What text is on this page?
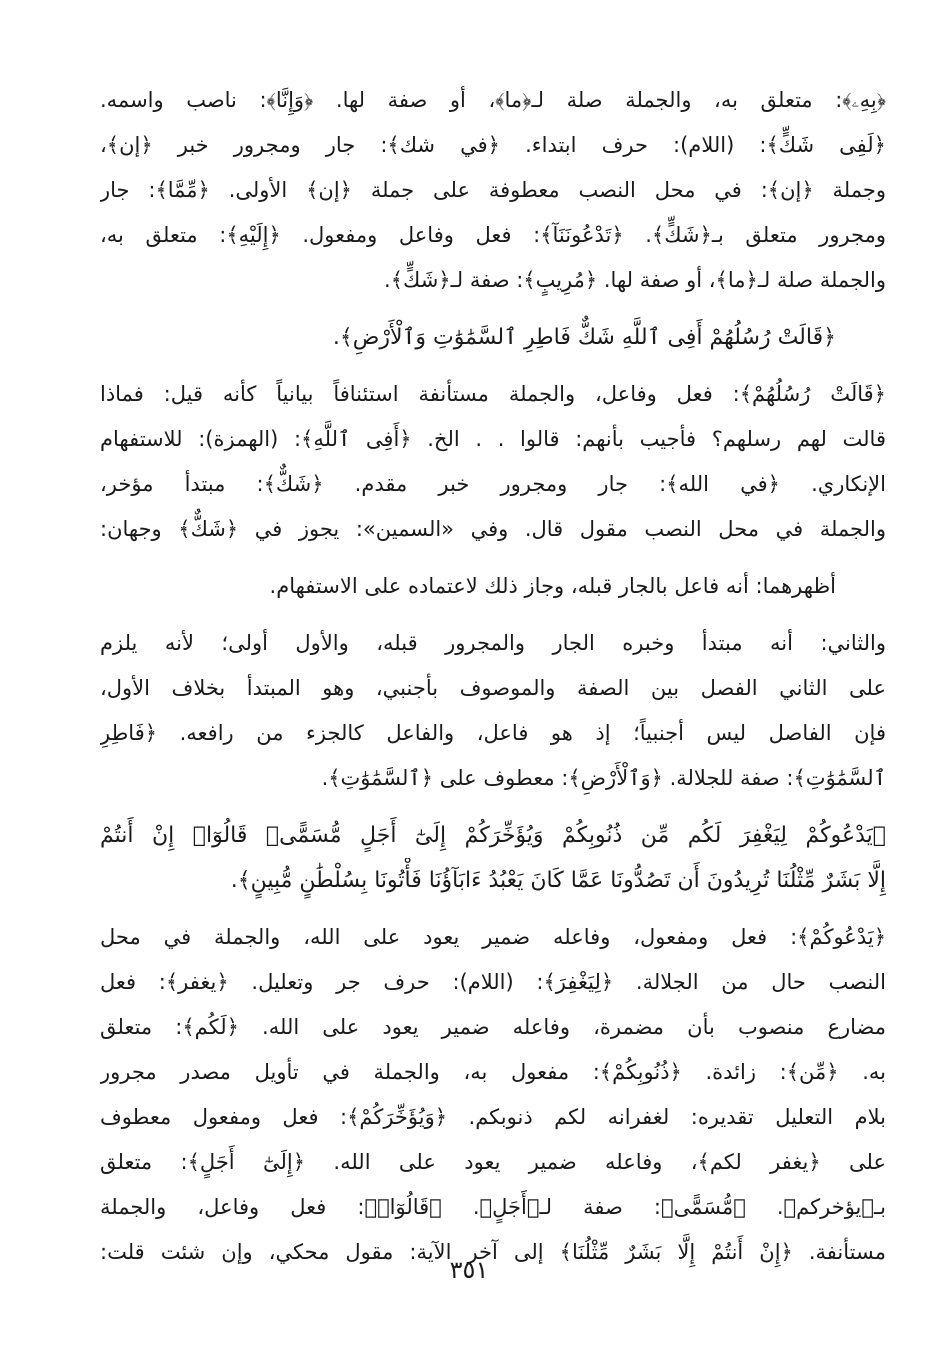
﴿بِهِۦ﴾: متعلق به، والجملة صلة لـ﴿ما﴾، أو صفة لها. ﴿وَإِنَّا﴾: ناصب واسمه.
﴿لَفِى شَكٍّ﴾: (اللام): حرف ابتداء. ﴿في شك﴾: جار ومجرور خبر ﴿إن﴾،
وجملة ﴿إن﴾: في محل النصب معطوفة على جملة ﴿إن﴾ الأولى. ﴿مِّمَّا﴾: جار
ومجرور متعلق بـ﴿شَكٍّ﴾. ﴿تَدْعُونَنَآ﴾: فعل وفاعل ومفعول. ﴿إِلَيْهِ﴾: متعلق به،
والجملة صلة لـ﴿ما﴾، أو صفة لها. ﴿مُرِيبٍ﴾: صفة لـ﴿شَكٍّ﴾.
﴿قَالَتْ رُسُلُهُمْ أَفِى ٱللَّهِ شَكٌّ فَاطِرِ ٱلسَّمَٰوَٰتِ وَٱلْأَرْضِ﴾.
﴿قَالَتْ رُسُلُهُمْ﴾: فعل وفاعل، والجملة مستأنفة استئنافاً بيانياً كأنه قيل: فماذا
قالت لهم رسلهم؟ فأجيب بأنهم: قالوا . . الخ. ﴿أَفِى ٱللَّهِ﴾: (الهمزة): للاستفهام
الإنكاري. ﴿في الله﴾: جار ومجرور خبر مقدم. ﴿شَكٌّ﴾: مبتدأ مؤخر،
والجملة في محل النصب مقول قال. وفي «السمين»: يجوز في ﴿شَكٌّ﴾ وجهان:
أظهرهما: أنه فاعل بالجار قبله، وجاز ذلك لاعتماده على الاستفهام.
والثاني: أنه مبتدأ وخبره الجار والمجرور قبله، والأول أولى؛ لأنه يلزم
على الثاني الفصل بين الصفة والموصوف بأجنبي، وهو المبتدأ بخلاف الأول،
فإن الفاصل ليس أجنبياً؛ إذ هو فاعل، والفاعل كالجزء من رافعه. ﴿فَاطِرِ
ٱلسَّمَٰوَٰتِ﴾: صفة للجلالة. ﴿وَٱلْأَرْضِ﴾: معطوف على ﴿ٱلسَّمَٰوَٰتِ﴾.
﴿يَدْعُوكُمْ لِيَغْفِرَ لَكُم مِّن ذُنُوبِكُمْ وَيُؤَخِّرَكُمْ إِلَىٰٓ أَجَلٍ مُّسَمًّىۚ قَالُوٓا۟ إِنْ أَنتُمْ
إِلَّا بَشَرٌ مِّثْلُنَا تُرِيدُونَ أَن تَصُدُّونَا عَمَّا كَانَ يَعْبُدُ ءَابَآؤُنَا فَأْتُونَا بِسُلْطَٰنٍ مُّبِينٍ﴾.
﴿يَدْعُوكُمْ﴾: فعل ومفعول، وفاعله ضمير يعود على الله، والجملة في محل
النصب حال من الجلالة. ﴿لِيَغْفِرَ﴾: (اللام): حرف جر وتعليل. ﴿يغفر﴾: فعل
مضارع منصوب بأن مضمرة، وفاعله ضمير يعود على الله. ﴿لَكُم﴾: متعلق
به. ﴿مِّن﴾: زائدة. ﴿ذُنُوبِكُمْ﴾: مفعول به، والجملة في تأويل مصدر مجرور
بلام التعليل تقديره: لغفرانه لكم ذنوبكم. ﴿وَيُؤَخِّرَكُمْ﴾: فعل ومفعول معطوف
على ﴿يغفر لكم﴾، وفاعله ضمير يعود على الله. ﴿إِلَىٰٓ أَجَلٍ﴾: متعلق
بـ﴿يؤخركم﴾. ﴿مُّسَمًّى﴾: صفة لـ﴿أَجَلٍ﴾. ﴿قَالُوٓا۟﴾: فعل وفاعل، والجملة
مستأنفة. ﴿إِنْ أَنتُمْ إِلَّا بَشَرٌ مِّثْلُنَا﴾ إلى آخر الآية: مقول محكي، وإن شئت قلت:
٣٥١
